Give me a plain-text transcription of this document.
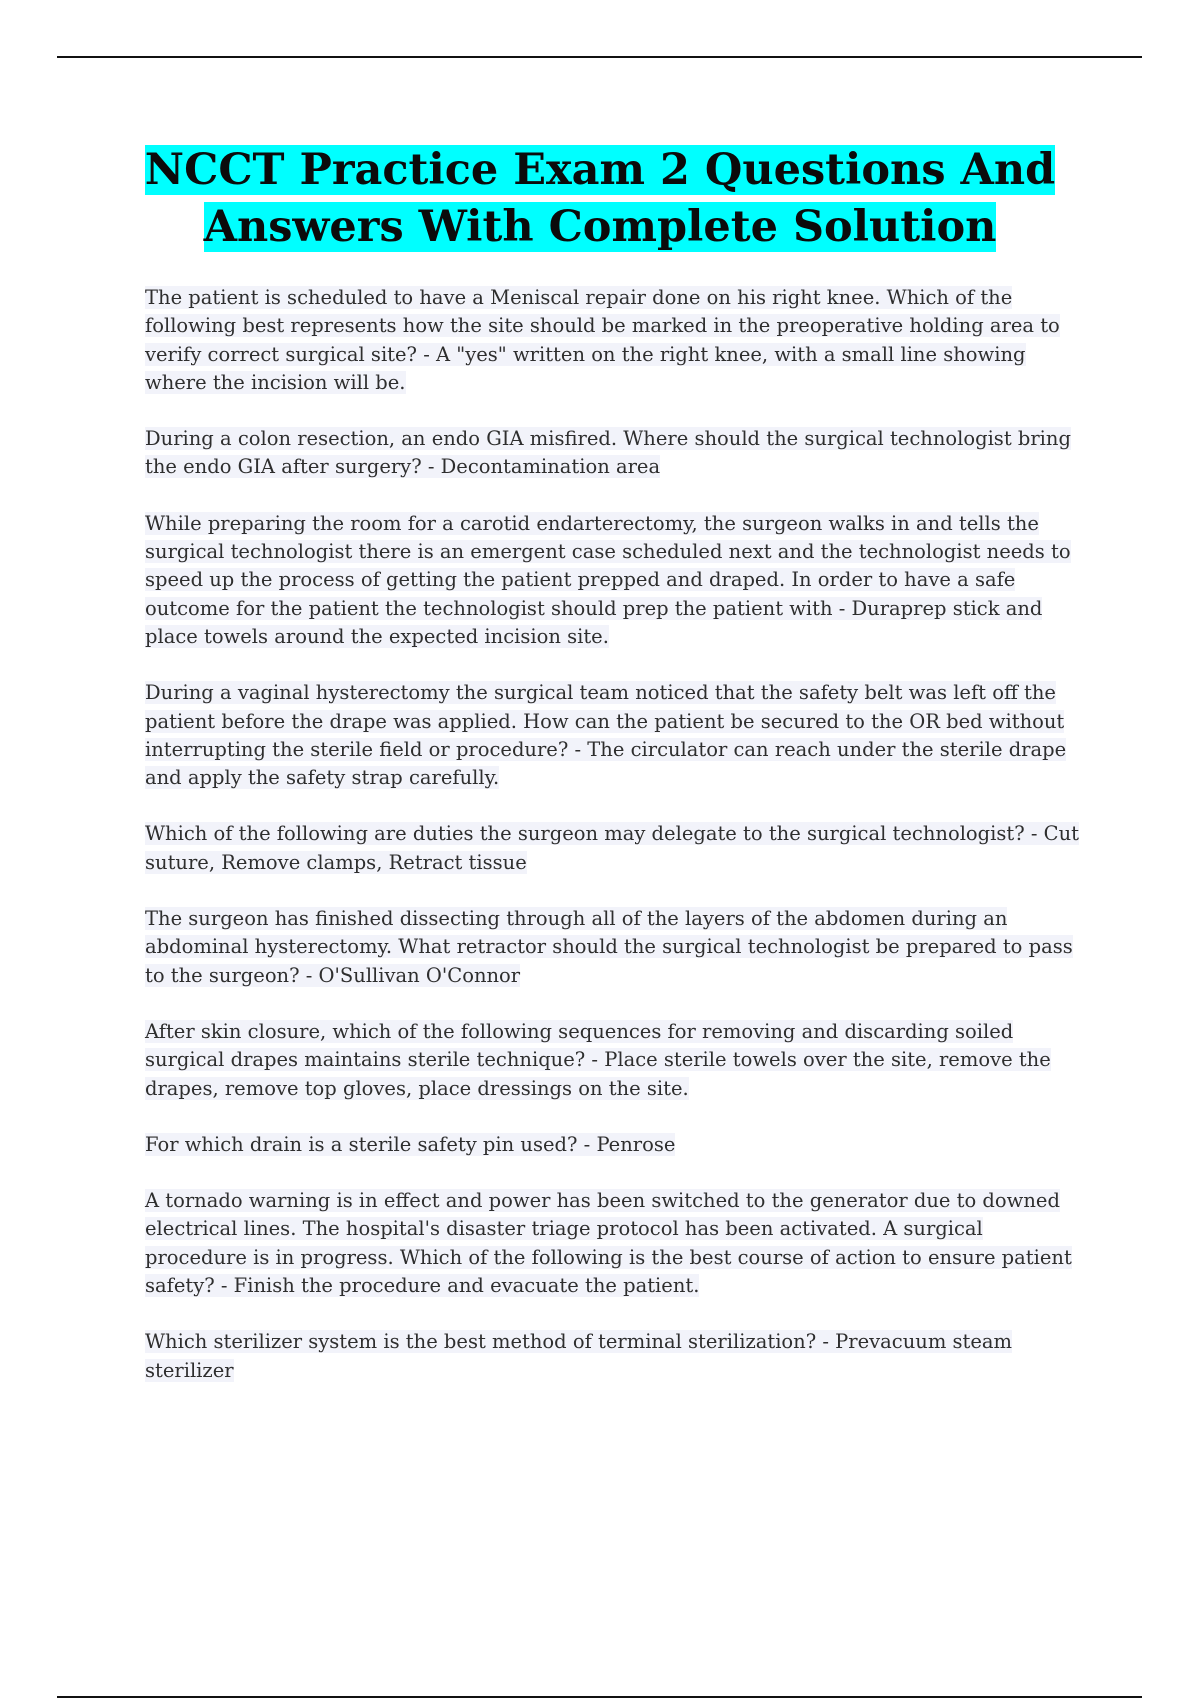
NCCT Practice Exam 2 Questions And Answers With Complete Solution
The patient is scheduled to have a Meniscal repair done on his right knee. Which of the following best represents how the site should be marked in the preoperative holding area to verify correct surgical site? - A "yes" written on the right knee, with a small line showing where the incision will be.
During a colon resection, an endo GIA misfired. Where should the surgical technologist bring the endo GIA after surgery? - Decontamination area
While preparing the room for a carotid endarterectomy, the surgeon walks in and tells the surgical technologist there is an emergent case scheduled next and the technologist needs to speed up the process of getting the patient prepped and draped. In order to have a safe outcome for the patient the technologist should prep the patient with - Duraprep stick and place towels around the expected incision site.
During a vaginal hysterectomy the surgical team noticed that the safety belt was left off the patient before the drape was applied. How can the patient be secured to the OR bed without interrupting the sterile field or procedure? - The circulator can reach under the sterile drape and apply the safety strap carefully.
Which of the following are duties the surgeon may delegate to the surgical technologist? - Cut suture, Remove clamps, Retract tissue
The surgeon has finished dissecting through all of the layers of the abdomen during an abdominal hysterectomy. What retractor should the surgical technologist be prepared to pass to the surgeon? - O'Sullivan O'Connor
After skin closure, which of the following sequences for removing and discarding soiled surgical drapes maintains sterile technique? - Place sterile towels over the site, remove the drapes, remove top gloves, place dressings on the site.
For which drain is a sterile safety pin used? - Penrose
A tornado warning is in effect and power has been switched to the generator due to downed electrical lines. The hospital's disaster triage protocol has been activated. A surgical procedure is in progress. Which of the following is the best course of action to ensure patient safety? - Finish the procedure and evacuate the patient.
Which sterilizer system is the best method of terminal sterilization? - Prevacuum steam sterilizer
